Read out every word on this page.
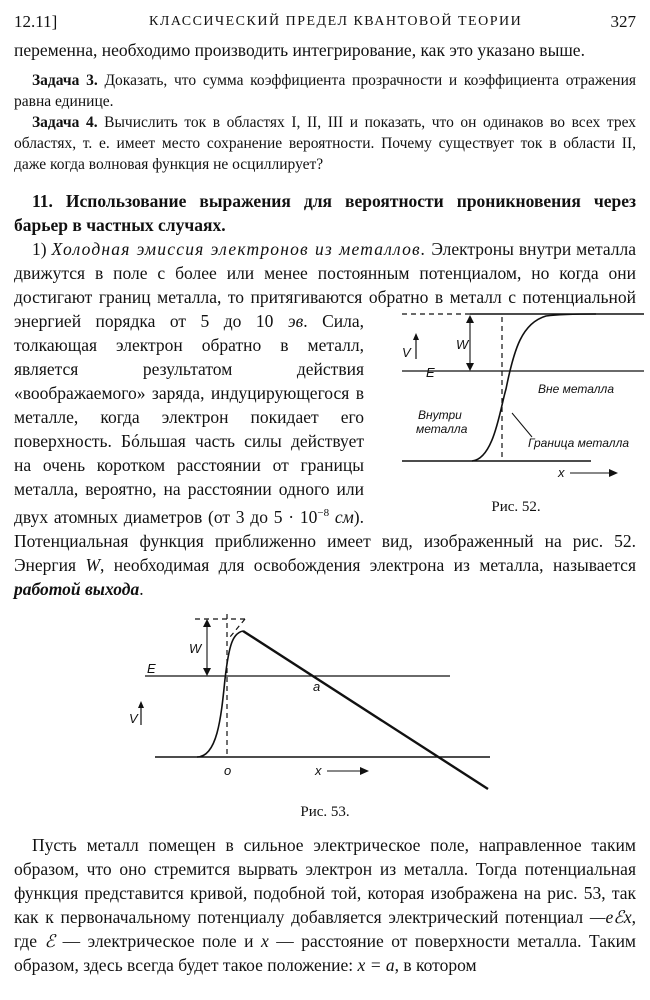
12.11]	КЛАССИЧЕСКИЙ ПРЕДЕЛ КВАНТОВОЙ ТЕОРИИ	327

переменна, необходимо производить интегрирование, как это указано выше.

Задача 3. Доказать, что сумма коэффициента прозрачности и коэффициента отражения равна единице.

Задача 4. Вычислить ток в областях I, II, III и показать, что он одинаков во всех трех областях, т. е. имеет место сохранение вероятности. Почему существует ток в области II, даже когда волновая функция не осциллирует?

11. Использование выражения для вероятности проникновения через барьер в частных случаях.

1) Холодная эмиссия электронов из металлов. Электроны внутри металла движутся в поле с более или менее постоянным потенциалом, но когда они достигают границ металла, то притягиваются обратно в металл с потенциальной энергией порядка от 5 до 10
W
V
E
Вне металла
Внутри
металла
Граница металла
x
Рис. 52.
эв. Сила, толкающая электрон обратно в металл, является результатом действия «воображаемого» заряда, индуцирующегося в металле, когда электрон покидает его поверхность. Бóльшая часть силы действует на очень коротком расстоянии от границы металла, вероятно, на расстоянии одного или двух атомных диаметров (от 3 до $5 \cdot 10^{-8}$ см). Потенциальная функция приближенно имеет вид, изображенный на рис. 52. Энергия W, необходимая для освобождения электрона из металла, называется работой выхода.

W
E
V
a
o	x
Рис. 53.

Пусть металл помещен в сильное электрическое поле, направленное таким образом, что оно стремится вырвать электрон из металла. Тогда потенциальная функция представится кривой, подобной той, которая изображена на рис. 53, так как к первоначальному потенциалу добавляется электрический потенциал —eℰx, где ℰ — электрическое поле и x — расстояние от поверхности металла. Таким образом, здесь всегда будет такое положение: x = a, в котором
